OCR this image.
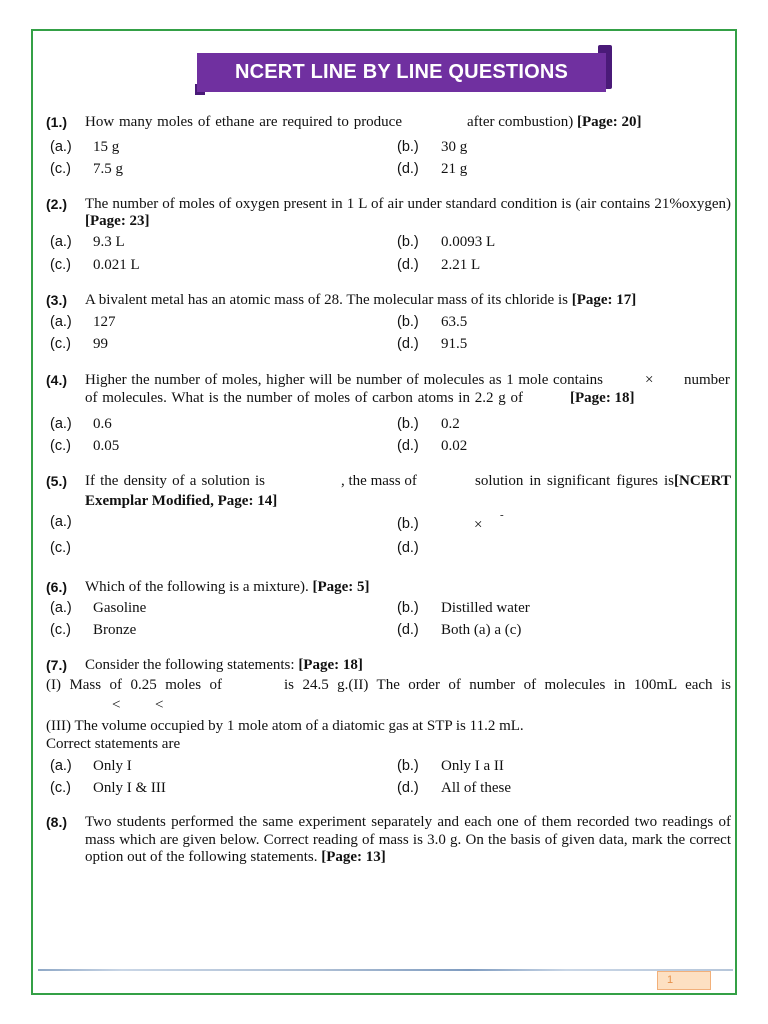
NCERT LINE BY LINE QUESTIONS
(1.) How many moles of ethane are required to produce	after combustion) [Page: 20]
(a.) 15 g	(b.) 30 g
(c.) 7.5 g	(d.) 21 g
(2.) The number of moles of oxygen present in 1 L of air under standard condition is (air contains 21%oxygen)
[Page: 23]
(a.) 9.3 L	(b.) 0.0093 L
(c.) 0.021 L	(d.) 2.21 L
(3.) A bivalent metal has an atomic mass of 28. The molecular mass of its chloride is [Page: 17]
(a.) 127	(b.) 63.5
(c.) 99	(d.) 91.5
(4.) Higher the number of moles, higher will be number of molecules as 1 mole contains	× number
of molecules. What is the number of moles of carbon atoms in 2.2 g of	[Page: 18]
(a.) 0.6	(b.) 0.2
(c.) 0.05	(d.) 0.02
(5.) If the density of a solution is	, the mass of	solution in significant figures is[NCERT
Exemplar Modified, Page: 14]
(a.)	(b.)	×
-
(c.)	(d.)
(6.) Which of the following is a mixture). [Page: 5]
(a.) Gasoline	(b.) Distilled water
(c.) Bronze	(d.) Both (a) a (c)
(7.) Consider the following statements: [Page: 18]
(I) Mass of 0.25 moles of	is 24.5 g.(II) The order of number of molecules in 100mL each is
< <
(III) The volume occupied by 1 mole atom of a diatomic gas at STP is 11.2 mL.
Correct statements are
(a.) Only I	(b.) Only I a II
(c.) Only I & III	(d.) All of these
(8.) Two students performed the same experiment separately and each one of them recorded two readings of
mass which are given below. Correct reading of mass is 3.0 g. On the basis of given data, mark the correct
option out of the following statements. [Page: 13]
1
